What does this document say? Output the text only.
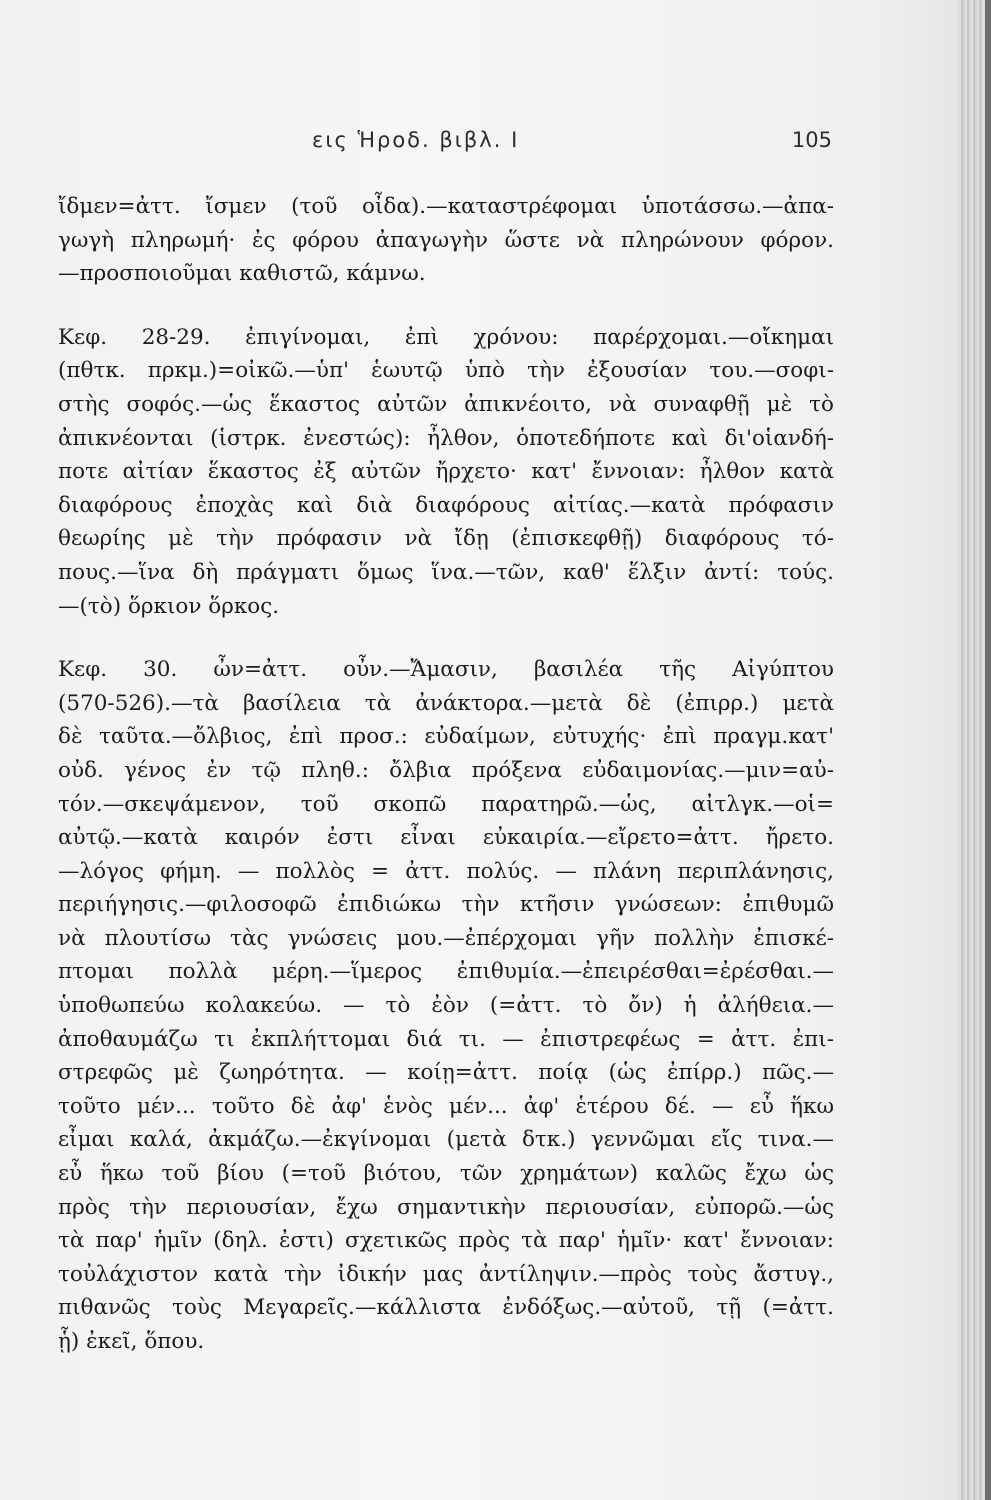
εις Ἡροδ. βιβλ. Ι	105
ἴδμεν=ἀττ. ἴσμεν (τοῦ οἶδα).—καταστρέφομαι ὑποτάσσω.—ἀπα-
γωγὴ πληρωμή· ἐς φόρου ἀπαγωγὴν ὥστε νὰ πληρώνουν φόρον.
—προσποιοῦμαι καθιστῶ, κάμνω.
Κεφ. 28-29. ἐπιγίνομαι, ἐπὶ χρόνου: παρέρχομαι.—οἴκημαι
(πθτκ. πρκμ.)=οἰκῶ.—ὑπ' ἑωυτῷ ὑπὸ τὴν ἐξουσίαν του.—σοφι-
στὴς σοφός.—ὡς ἕκαστος αὐτῶν ἀπικνέοιτο, νὰ συναφθῇ μὲ τὸ
ἀπικνέονται (ἱστρκ. ἐνεστώς): ἦλθον, ὁποτεδήποτε καὶ δι'οἱανδή-
ποτε αἰτίαν ἕκαστος ἐξ αὐτῶν ἤρχετο· κατ' ἔννοιαν: ἦλθον κατὰ
διαφόρους ἐποχὰς καὶ διὰ διαφόρους αἰτίας.—κατὰ πρόφασιν
θεωρίης μὲ τὴν πρόφασιν νὰ ἴδῃ (ἐπισκεφθῇ) διαφόρους τό-
πους.—ἵνα δὴ πράγματι ὅμως ἵνα.—τῶν, καθ' ἕλξιν ἀντί: τούς.
—(τὸ) ὅρκιον ὅρκος.
Κεφ. 30. ὦν=ἀττ. οὖν.—Ἄμασιν, βασιλέα τῆς Αἰγύπτου
(570-526).—τὰ βασίλεια τὰ ἀνάκτορα.—μετὰ δὲ (ἐπιρρ.) μετὰ
δὲ ταῦτα.—ὄλβιος, ἐπὶ προσ.: εὐδαίμων, εὐτυχής· ἐπὶ πραγμ.κατ'
οὐδ. γένος ἐν τῷ πληθ.: ὄλβια πρόξενα εὐδαιμονίας.—μιν=αὐ-
τόν.—σκεψάμενον, τοῦ σκοπῶ παρατηρῶ.—ὡς, αἰτλγκ.—οἱ=
αὐτῷ.—κατὰ καιρόν ἐστι εἶναι εὐκαιρία.—εἴρετο=ἀττ. ἤρετο.
—λόγος φήμη. — πολλὸς = ἀττ. πολύς. — πλάνη περιπλάνησις,
περιήγησις.—φιλοσοφῶ ἐπιδιώκω τὴν κτῆσιν γνώσεων: ἐπιθυμῶ
νὰ πλουτίσω τὰς γνώσεις μου.—ἐπέρχομαι γῆν πολλὴν ἐπισκέ-
πτομαι πολλὰ μέρη.—ἵμερος ἐπιθυμία.—ἐπειρέσθαι=ἐρέσθαι.—
ὑποθωπεύω κολακεύω. — τὸ ἐὸν (=ἀττ. τὸ ὄν) ἡ ἀλήθεια.—
ἀποθαυμάζω τι ἐκπλήττομαι διά τι. — ἐπιστρεφέως = ἀττ. ἐπι-
στρεφῶς μὲ ζωηρότητα. — κοίῃ=ἀττ. ποίᾳ (ὡς ἐπίρρ.) πῶς.—
τοῦτο μέν... τοῦτο δὲ ἀφ' ἑνὸς μέν... ἀφ' ἑτέρου δέ. — εὖ ἥκω
εἶμαι καλά, ἀκμάζω.—ἐκγίνομαι (μετὰ δτκ.) γεννῶμαι εἴς τινα.—
εὖ ἥκω τοῦ βίου (=τοῦ βιότου, τῶν χρημάτων) καλῶς ἔχω ὡς
πρὸς τὴν περιουσίαν, ἔχω σημαντικὴν περιουσίαν, εὐπορῶ.—ὡς
τὰ παρ' ἡμῖν (δηλ. ἐστι) σχετικῶς πρὸς τὰ παρ' ἡμῖν· κατ' ἔννοιαν:
τοὐλάχιστον κατὰ τὴν ἰδικήν μας ἀντίληψιν.—πρὸς τοὺς ἄστυγ.,
πιθανῶς τοὺς Μεγαρεῖς.—κάλλιστα ἐνδόξως.—αὐτοῦ, τῇ (=ἀττ.
ᾗ) ἐκεῖ, ὅπου.
